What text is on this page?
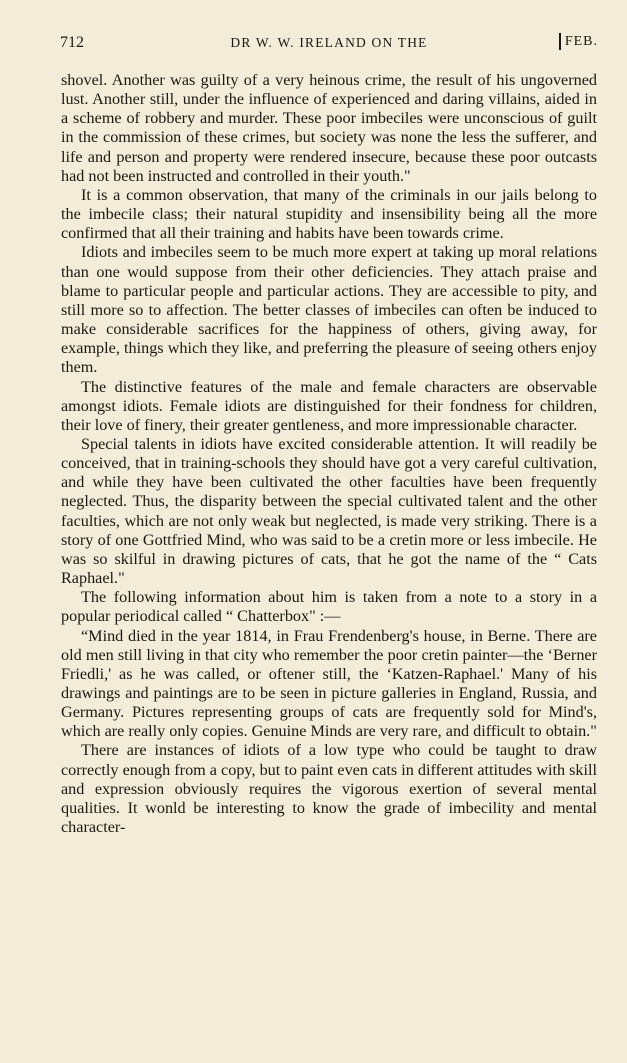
712	DR W. W. IRELAND ON THE	FEB.

shovel. Another was guilty of a very heinous crime, the result of his ungoverned lust. Another still, under the influence of experienced and daring villains, aided in a scheme of robbery and murder. These poor imbeciles were unconscious of guilt in the commission of these crimes, but society was none the less the sufferer, and life and person and property were rendered insecure, because these poor outcasts had not been instructed and controlled in their youth."

It is a common observation, that many of the criminals in our jails belong to the imbecile class; their natural stupidity and insensibility being all the more confirmed that all their training and habits have been towards crime.

Idiots and imbeciles seem to be much more expert at taking up moral relations than one would suppose from their other deficiencies. They attach praise and blame to particular people and particular actions. They are accessible to pity, and still more so to affection. The better classes of imbeciles can often be induced to make considerable sacrifices for the happiness of others, giving away, for example, things which they like, and preferring the pleasure of seeing others enjoy them.

The distinctive features of the male and female characters are observable amongst idiots. Female idiots are distinguished for their fondness for children, their love of finery, their greater gentleness, and more impressionable character.

Special talents in idiots have excited considerable attention. It will readily be conceived, that in training-schools they should have got a very careful cultivation, and while they have been cultivated the other faculties have been frequently neglected. Thus, the disparity between the special cultivated talent and the other faculties, which are not only weak but neglected, is made very striking. There is a story of one Gottfried Mind, who was said to be a cretin more or less imbecile. He was so skilful in drawing pictures of cats, that he got the name of the “ Cats Raphael."

The following information about him is taken from a note to a story in a popular periodical called “ Chatterbox" :—

“Mind died in the year 1814, in Frau Frendenberg's house, in Berne. There are old men still living in that city who remember the poor cretin painter—the ‘Berner Friedli,' as he was called, or oftener still, the ‘Katzen-Raphael.' Many of his drawings and paintings are to be seen in picture galleries in England, Russia, and Germany. Pictures representing groups of cats are frequently sold for Mind's, which are really only copies. Genuine Minds are very rare, and difficult to obtain."

There are instances of idiots of a low type who could be taught to draw correctly enough from a copy, but to paint even cats in different attitudes with skill and expression obviously requires the vigorous exertion of several mental qualities. It wonld be interesting to know the grade of imbecility and mental character-
